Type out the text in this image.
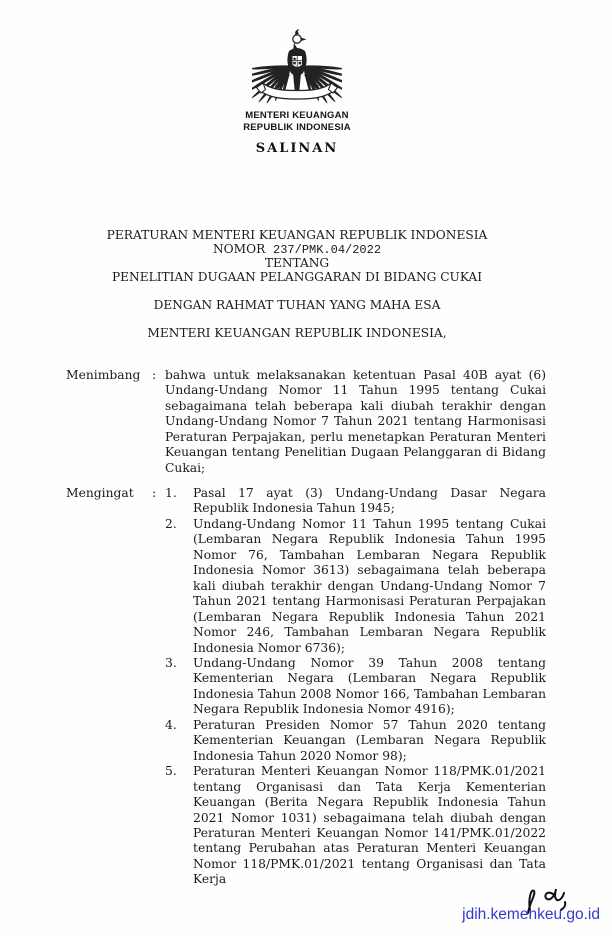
MENTERI KEUANGAN
REPUBLIK INDONESIA
SALINAN
PERATURAN MENTERI KEUANGAN REPUBLIK INDONESIA
NOMOR 237/PMK.04/2022
TENTANG
PENELITIAN DUGAAN PELANGGARAN DI BIDANG CUKAI
DENGAN RAHMAT TUHAN YANG MAHA ESA
MENTERI KEUANGAN REPUBLIK INDONESIA,
Menimbang : bahwa untuk melaksanakan ketentuan Pasal 40B ayat (6) Undang-Undang Nomor 11 Tahun 1995 tentang Cukai sebagaimana telah beberapa kali diubah terakhir dengan Undang-Undang Nomor 7 Tahun 2021 tentang Harmonisasi Peraturan Perpajakan, perlu menetapkan Peraturan Menteri Keuangan tentang Penelitian Dugaan Pelanggaran di Bidang Cukai;
Mengingat	: 1.	Pasal 17 ayat (3) Undang-Undang Dasar Negara Republik Indonesia Tahun 1945;
2.	Undang-Undang Nomor 11 Tahun 1995 tentang Cukai (Lembaran Negara Republik Indonesia Tahun 1995 Nomor 76, Tambahan Lembaran Negara Republik Indonesia Nomor 3613) sebagaimana telah beberapa kali diubah terakhir dengan Undang-Undang Nomor 7 Tahun 2021 tentang Harmonisasi Peraturan Perpajakan (Lembaran Negara Republik Indonesia Tahun 2021 Nomor 246, Tambahan Lembaran Negara Republik Indonesia Nomor 6736);
3.	Undang-Undang Nomor 39 Tahun 2008 tentang Kementerian Negara (Lembaran Negara Republik Indonesia Tahun 2008 Nomor 166, Tambahan Lembaran Negara Republik Indonesia Nomor 4916);
4.	Peraturan Presiden Nomor 57 Tahun 2020 tentang Kementerian Keuangan (Lembaran Negara Republik Indonesia Tahun 2020 Nomor 98);
5.	Peraturan Menteri Keuangan Nomor 118/PMK.01/2021 tentang Organisasi dan Tata Kerja Kementerian Keuangan (Berita Negara Republik Indonesia Tahun 2021 Nomor 1031) sebagaimana telah diubah dengan Peraturan Menteri Keuangan Nomor 141/PMK.01/2022 tentang Perubahan atas Peraturan Menteri Keuangan Nomor 118/PMK.01/2021 tentang Organisasi dan Tata Kerja
jdih.kemenkeu.go.id
